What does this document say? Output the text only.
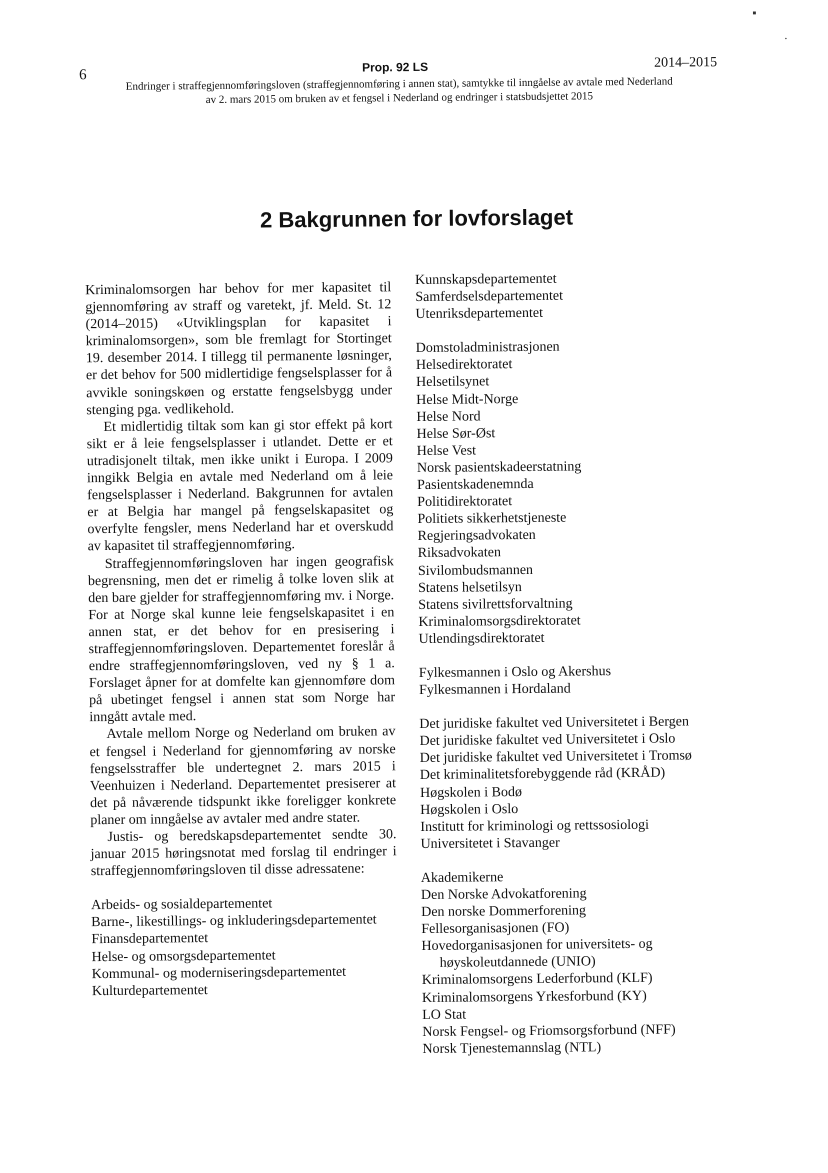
■
•
6	Prop. 92 LS	2014–2015
Endringer i straffegjennomføringsloven (straffegjennomføring i annen stat), samtykke til inngåelse av avtale med Nederland
av 2. mars 2015 om bruken av et fengsel i Nederland og endringer i statsbudsjettet 2015
2 Bakgrunnen for lovforslaget

Kriminalomsorgen har behov for mer kapasitet til gjennomføring av straff og varetekt, jf. Meld. St. 12 (2014–2015) «Utviklingsplan for kapasitet i kriminalomsorgen», som ble fremlagt for Stortinget 19. desember 2014. I tillegg til permanente løsninger, er det behov for 500 midlertidige fengselsplasser for å avvikle soningskøen og erstatte fengselsbygg under stenging pga. vedlikehold.

Et midlertidig tiltak som kan gi stor effekt på kort sikt er å leie fengselsplasser i utlandet. Dette er et utradisjonelt tiltak, men ikke unikt i Europa. I 2009 inngikk Belgia en avtale med Nederland om å leie fengselsplasser i Nederland. Bakgrunnen for avtalen er at Belgia har mangel på fengselskapasitet og overfylte fengsler, mens Nederland har et overskudd av kapasitet til straffegjennomføring.

Straffegjennomføringsloven har ingen geografisk begrensning, men det er rimelig å tolke loven slik at den bare gjelder for straffegjennomføring mv. i Norge. For at Norge skal kunne leie fengselskapasitet i en annen stat, er det behov for en presisering i straffegjennomføringsloven. Departementet foreslår å endre straffegjennomføringsloven, ved ny § 1 a. Forslaget åpner for at domfelte kan gjennomføre dom på ubetinget fengsel i annen stat som Norge har inngått avtale med.

Avtale mellom Norge og Nederland om bruken av et fengsel i Nederland for gjennomføring av norske fengselsstraffer ble undertegnet 2. mars 2015 i Veenhuizen i Nederland. Departementet presiserer at det på nåværende tidspunkt ikke foreligger konkrete planer om inngåelse av avtaler med andre stater.

Justis- og beredskapsdepartementet sendte 30. januar 2015 høringsnotat med forslag til endringer i straffegjennomføringsloven til disse adressatene:

Arbeids- og sosialdepartementet
Barne-, likestillings- og inkluderingsdepartementet
Finansdepartementet
Helse- og omsorgsdepartementet
Kommunal- og moderniseringsdepartementet
Kulturdepartementet
Kunnskapsdepartementet
Samferdselsdepartementet
Utenriksdepartementet
Domstoladministrasjonen
Helsedirektoratet
Helsetilsynet
Helse Midt-Norge
Helse Nord
Helse Sør-Øst
Helse Vest
Norsk pasientskadeerstatning
Pasientskadenemnda
Politidirektoratet
Politiets sikkerhetstjeneste
Regjeringsadvokaten
Riksadvokaten
Sivilombudsmannen
Statens helsetilsyn
Statens sivilrettsforvaltning
Kriminalomsorgsdirektoratet
Utlendingsdirektoratet
Fylkesmannen i Oslo og Akershus
Fylkesmannen i Hordaland
Det juridiske fakultet ved Universitetet i Bergen
Det juridiske fakultet ved Universitetet i Oslo
Det juridiske fakultet ved Universitetet i Tromsø
Det kriminalitetsforebyggende råd (KRÅD)
Høgskolen i Bodø
Høgskolen i Oslo
Institutt for kriminologi og rettssosiologi
Universitetet i Stavanger
Akademikerne
Den Norske Advokatforening
Den norske Dommerforening
Fellesorganisasjonen (FO)
Hovedorganisasjonen for universitets- og høyskoleutdannede (UNIO)
Kriminalomsorgens Lederforbund (KLF)
Kriminalomsorgens Yrkesforbund (KY)
LO Stat
Norsk Fengsel- og Friomsorgsforbund (NFF)
Norsk Tjenestemannslag (NTL)
